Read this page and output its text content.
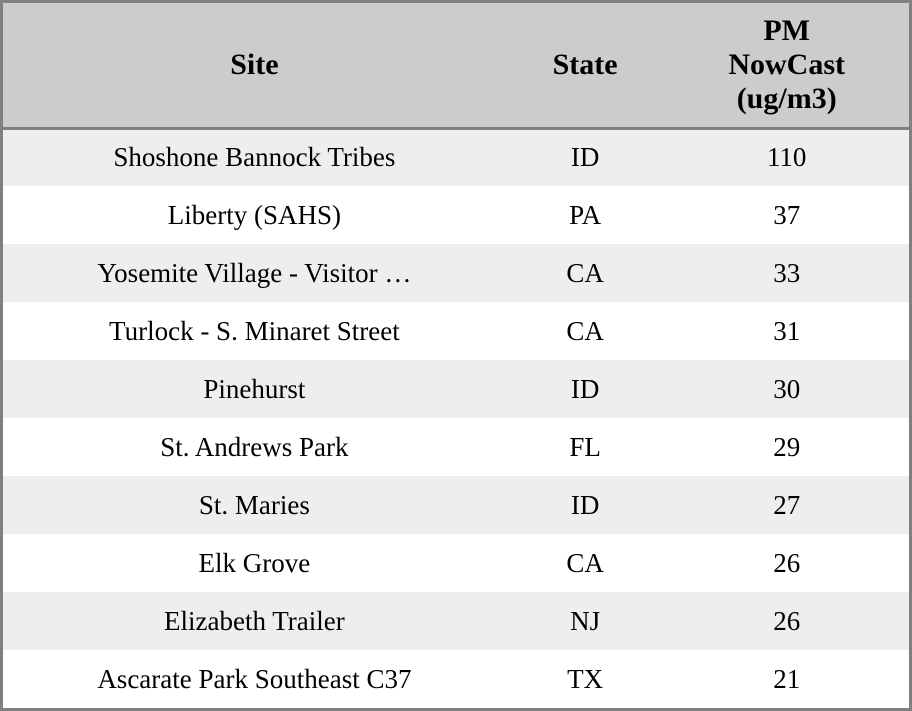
Site	State	PM
NowCast
(ug/m3)
Shoshone Bannock Tribes	ID	110
Liberty (SAHS)	PA	37
Yosemite Village - Visitor …	CA	33
Turlock - S. Minaret Street	CA	31
Pinehurst	ID	30
St. Andrews Park	FL	29
St. Maries	ID	27
Elk Grove	CA	26
Elizabeth Trailer	NJ	26
Ascarate Park Southeast C37	TX	21
